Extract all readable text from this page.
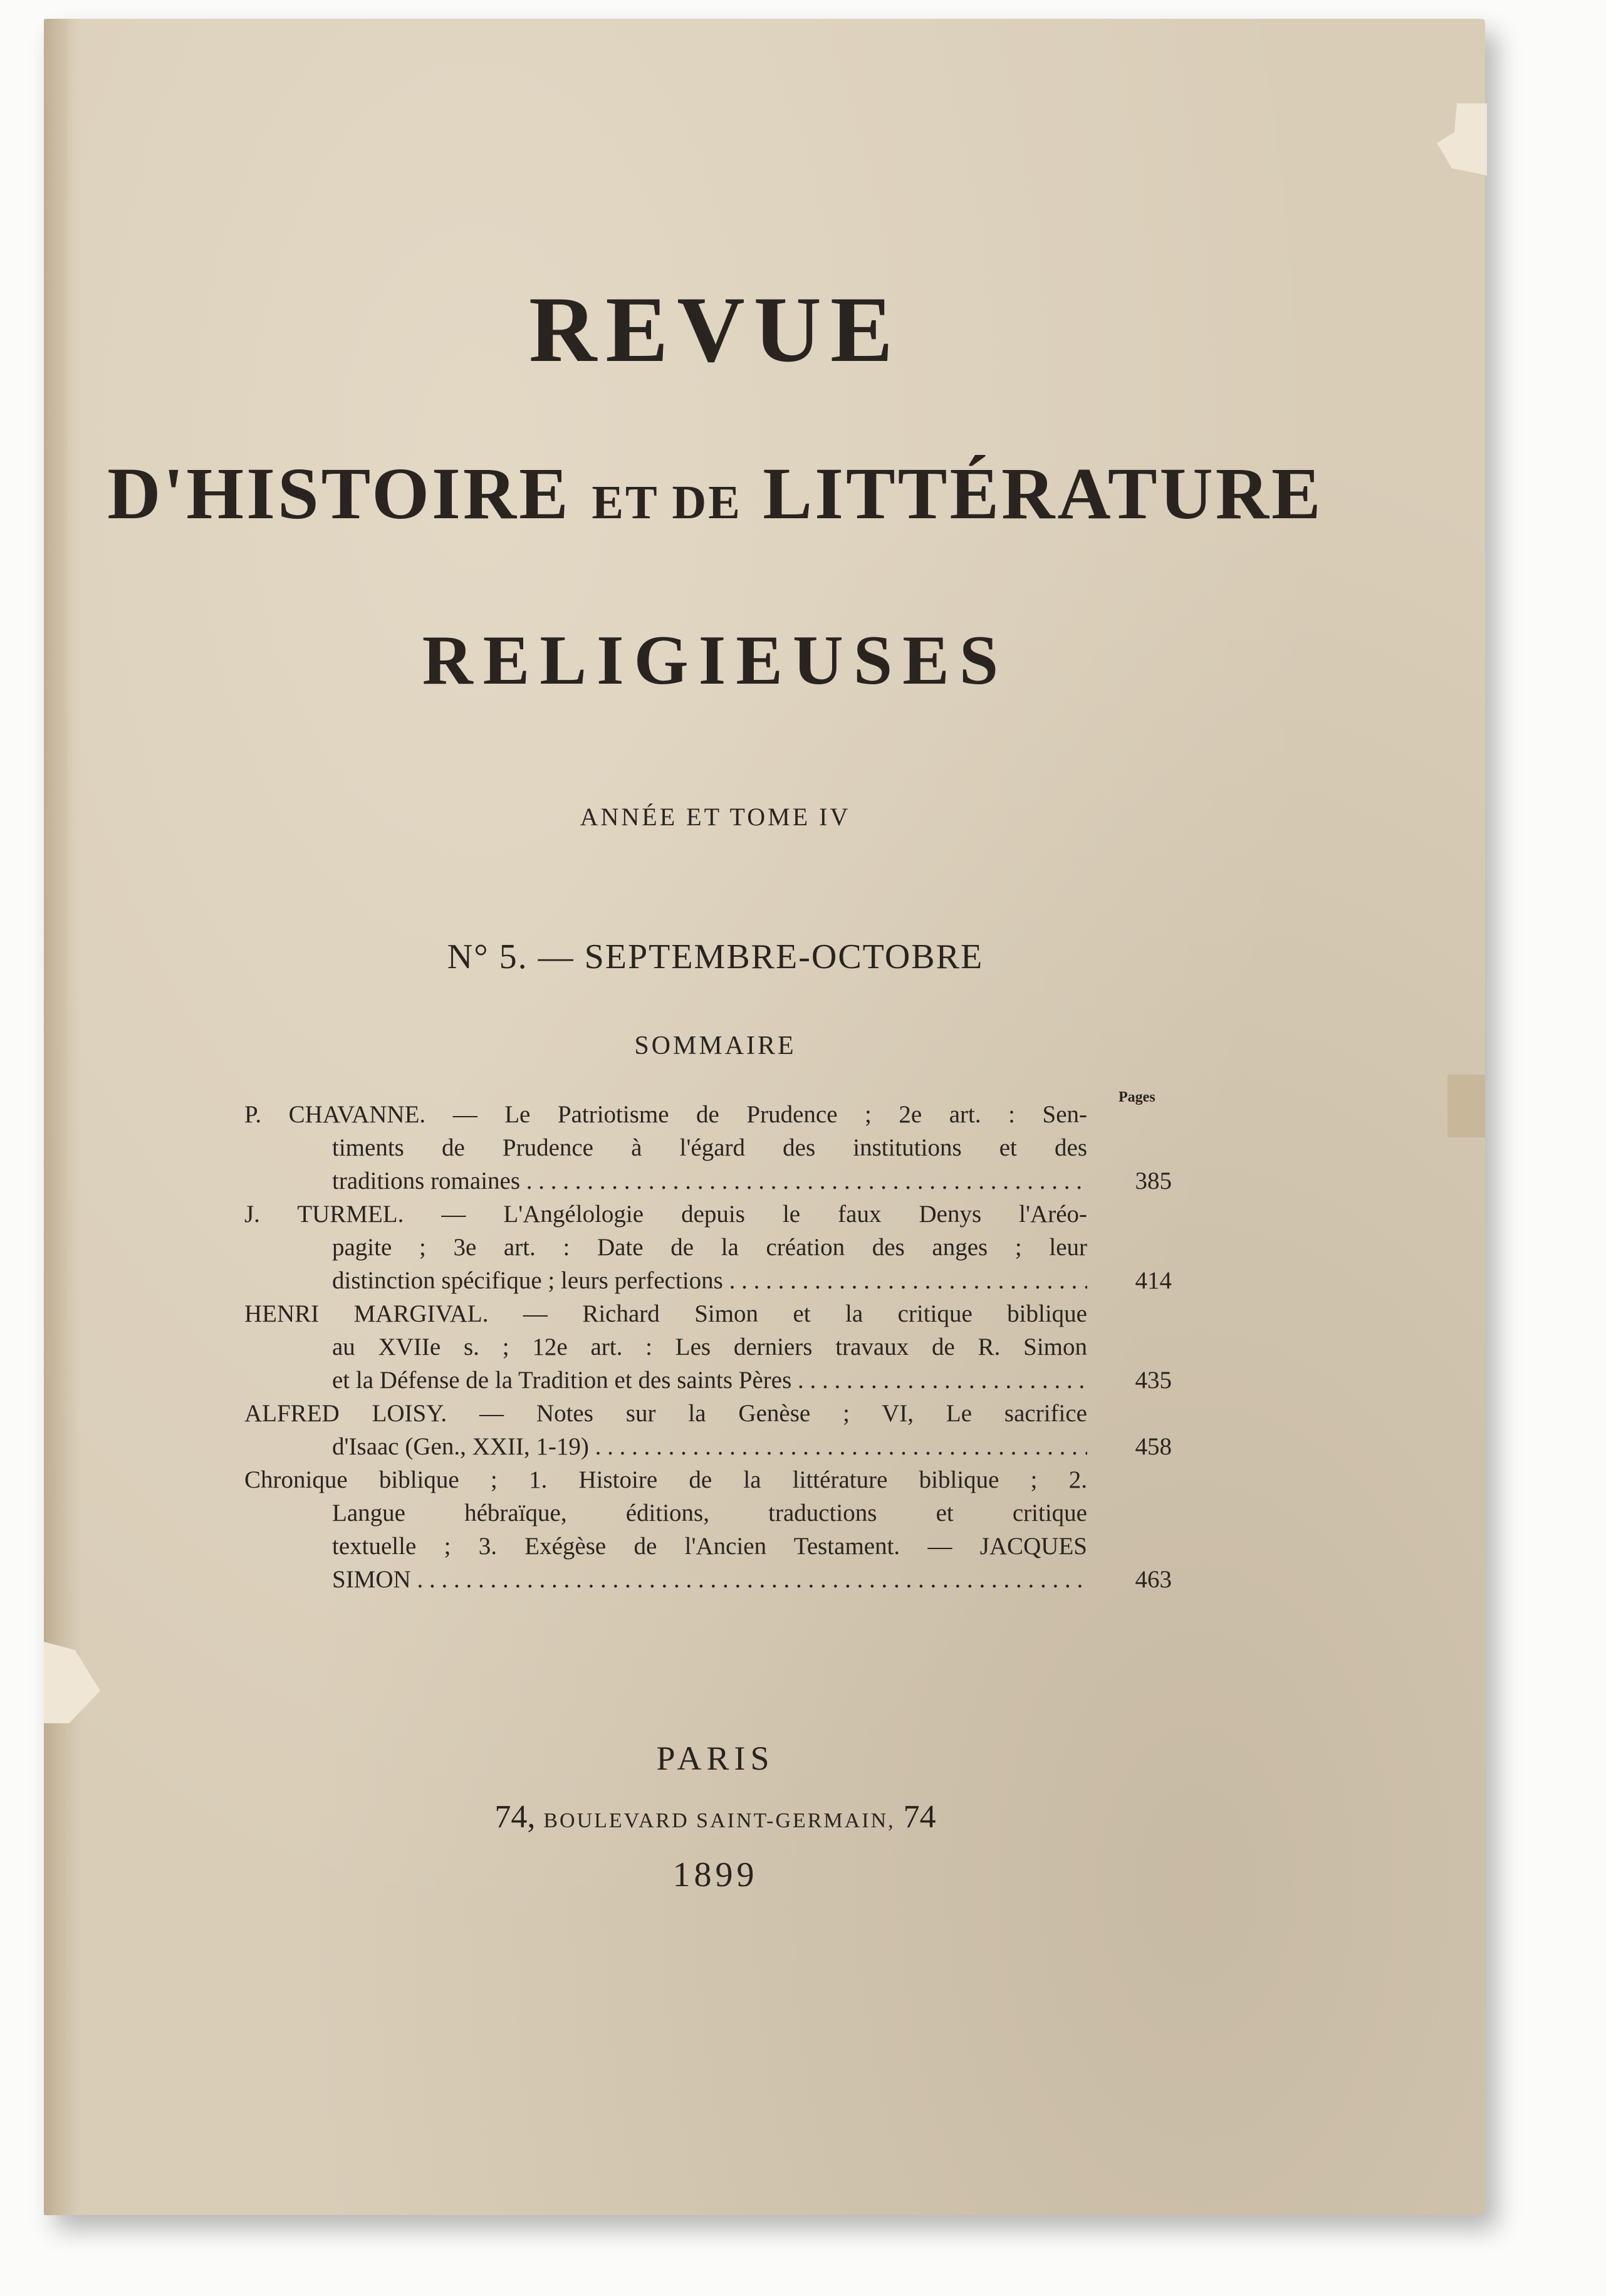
REVUE
D'HISTOIRE ET DE LITTÉRATURE
RELIGIEUSES
ANNÉE ET TOME IV
N° 5. — SEPTEMBRE-OCTOBRE
SOMMAIRE
Pages
P. CHAVANNE. — Le Patriotisme de Prudence ; 2e art. : Sen-
timents de Prudence à l'égard des institutions et des
traditions romaines . . .	385
J. TURMEL. — L'Angélologie depuis le faux Denys l'Aréo-
pagite ; 3e art. : Date de la création des anges ; leur
distinction spécifique ; leurs perfections . . .	414
HENRI MARGIVAL. — Richard Simon et la critique biblique
au XVIIe s. ; 12e art. : Les derniers travaux de R. Simon
et la Défense de la Tradition et des saints Pères . . .	435
ALFRED LOISY. — Notes sur la Genèse ; VI, Le sacrifice
d'Isaac (Gen., XXII, 1-19) . . .	458
Chronique biblique ; 1. Histoire de la littérature biblique ; 2.
Langue hébraïque, éditions, traductions et critique
textuelle ; 3. Exégèse de l'Ancien Testament. — JACQUES
SIMON . . .	463
PARIS
74, BOULEVARD SAINT-GERMAIN, 74
1899
